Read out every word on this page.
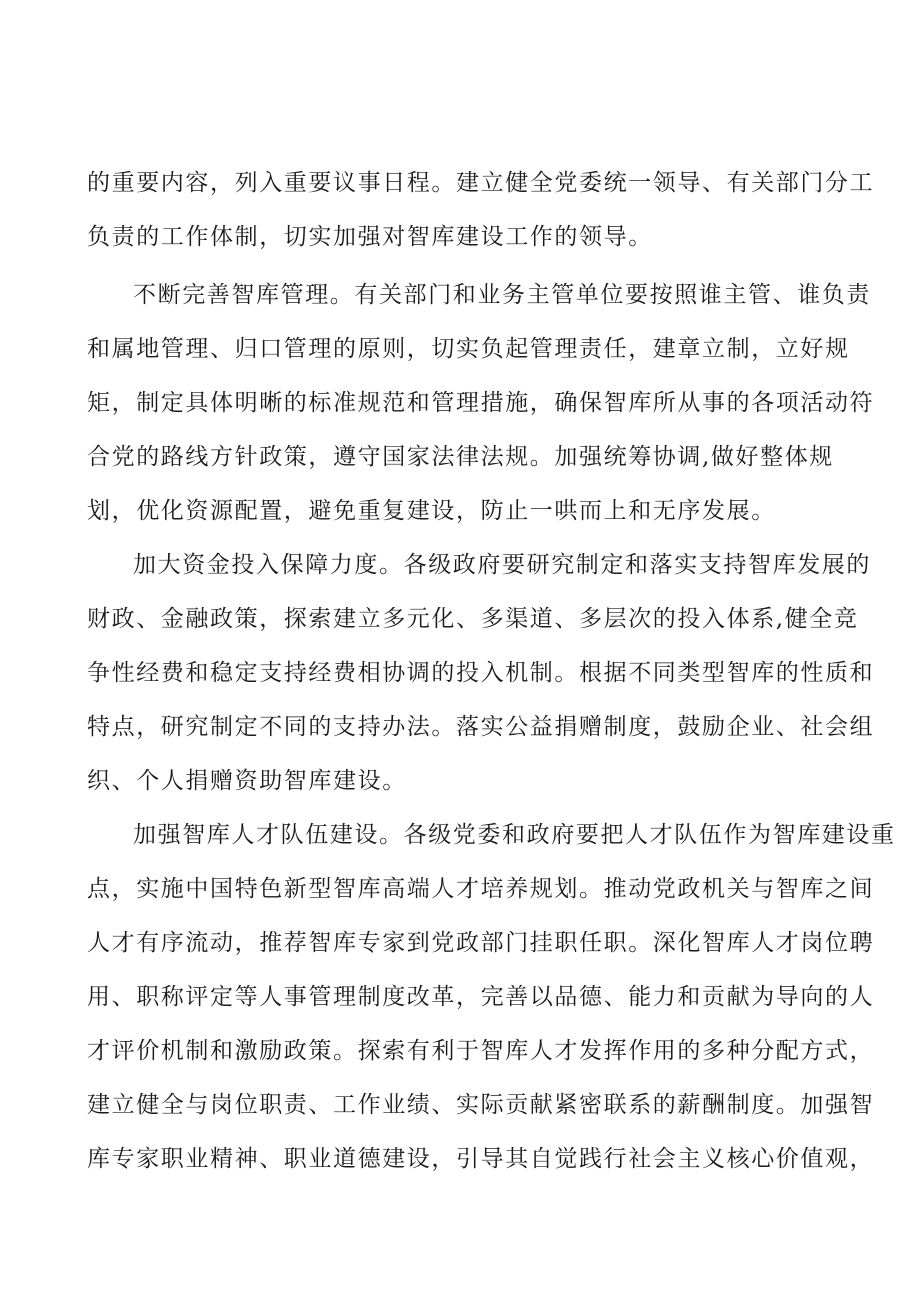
的重要内容，列入重要议事日程。建立健全党委统一领导、有关部门分工
负责的工作体制，切实加强对智库建设工作的领导。
不断完善智库管理。有关部门和业务主管单位要按照谁主管、谁负责
和属地管理、归口管理的原则，切实负起管理责任，建章立制，立好规
矩，制定具体明晰的标准规范和管理措施，确保智库所从事的各项活动符
合党的路线方针政策，遵守国家法律法规。加强统筹协调,做好整体规
划，优化资源配置，避免重复建设，防止一哄而上和无序发展。
加大资金投入保障力度。各级政府要研究制定和落实支持智库发展的
财政、金融政策，探索建立多元化、多渠道、多层次的投入体系,健全竞
争性经费和稳定支持经费相协调的投入机制。根据不同类型智库的性质和
特点，研究制定不同的支持办法。落实公益捐赠制度，鼓励企业、社会组
织、个人捐赠资助智库建设。
加强智库人才队伍建设。各级党委和政府要把人才队伍作为智库建设重
点，实施中国特色新型智库高端人才培养规划。推动党政机关与智库之间
人才有序流动，推荐智库专家到党政部门挂职任职。深化智库人才岗位聘
用、职称评定等人事管理制度改革，完善以品德、能力和贡献为导向的人
才评价机制和激励政策。探索有利于智库人才发挥作用的多种分配方式，
建立健全与岗位职责、工作业绩、实际贡献紧密联系的薪酬制度。加强智
库专家职业精神、职业道德建设，引导其自觉践行社会主义核心价值观，
